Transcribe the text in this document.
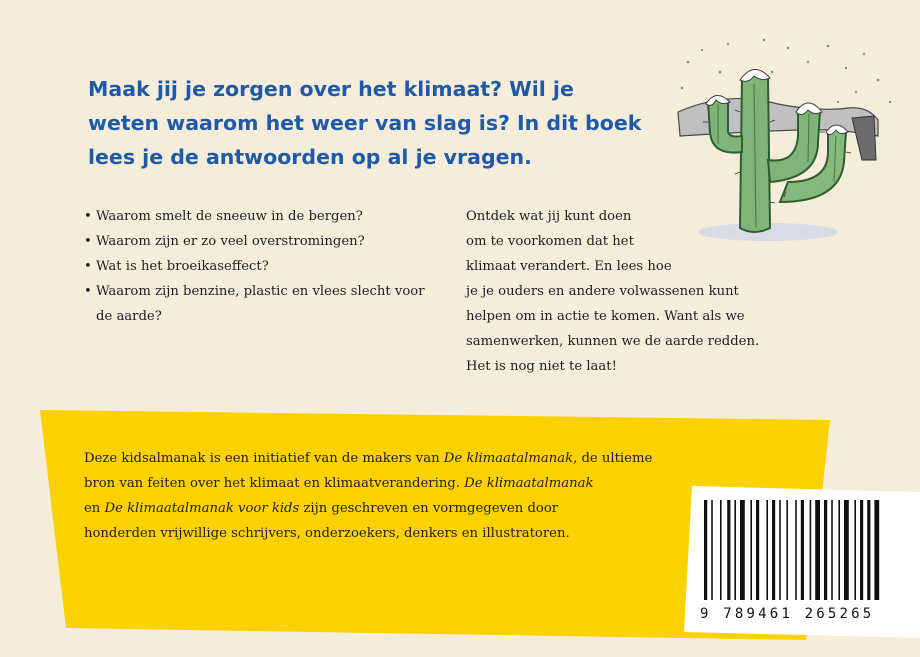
Maak jij je zorgen over het klimaat? Wil je weten waarom het weer van slag is? In dit boek lees je de antwoorden op al je vragen.
• Waarom smelt de sneeuw in de bergen?
• Waarom zijn er zo veel overstromingen?
• Wat is het broeikaseffect?
• Waarom zijn benzine, plastic en vlees slecht voor de aarde?

Ontdek wat jij kunt doen
om te voorkomen dat het
klimaat verandert. En lees hoe
je je ouders en andere volwassenen kunt
helpen om in actie te komen. Want als we
samenwerken, kunnen we de aarde redden.
Het is nog niet te laat!

Deze kidsalmanak is een initiatief van de makers van De klimaatalmanak, de ultieme
bron van feiten over het klimaat en klimaatverandering. De klimaatalmanak
en De klimaatalmanak voor kids zijn geschreven en vormgegeven door
honderden vrijwillige schrijvers, onderzoekers, denkers en illustratoren.

9 789461 265265
